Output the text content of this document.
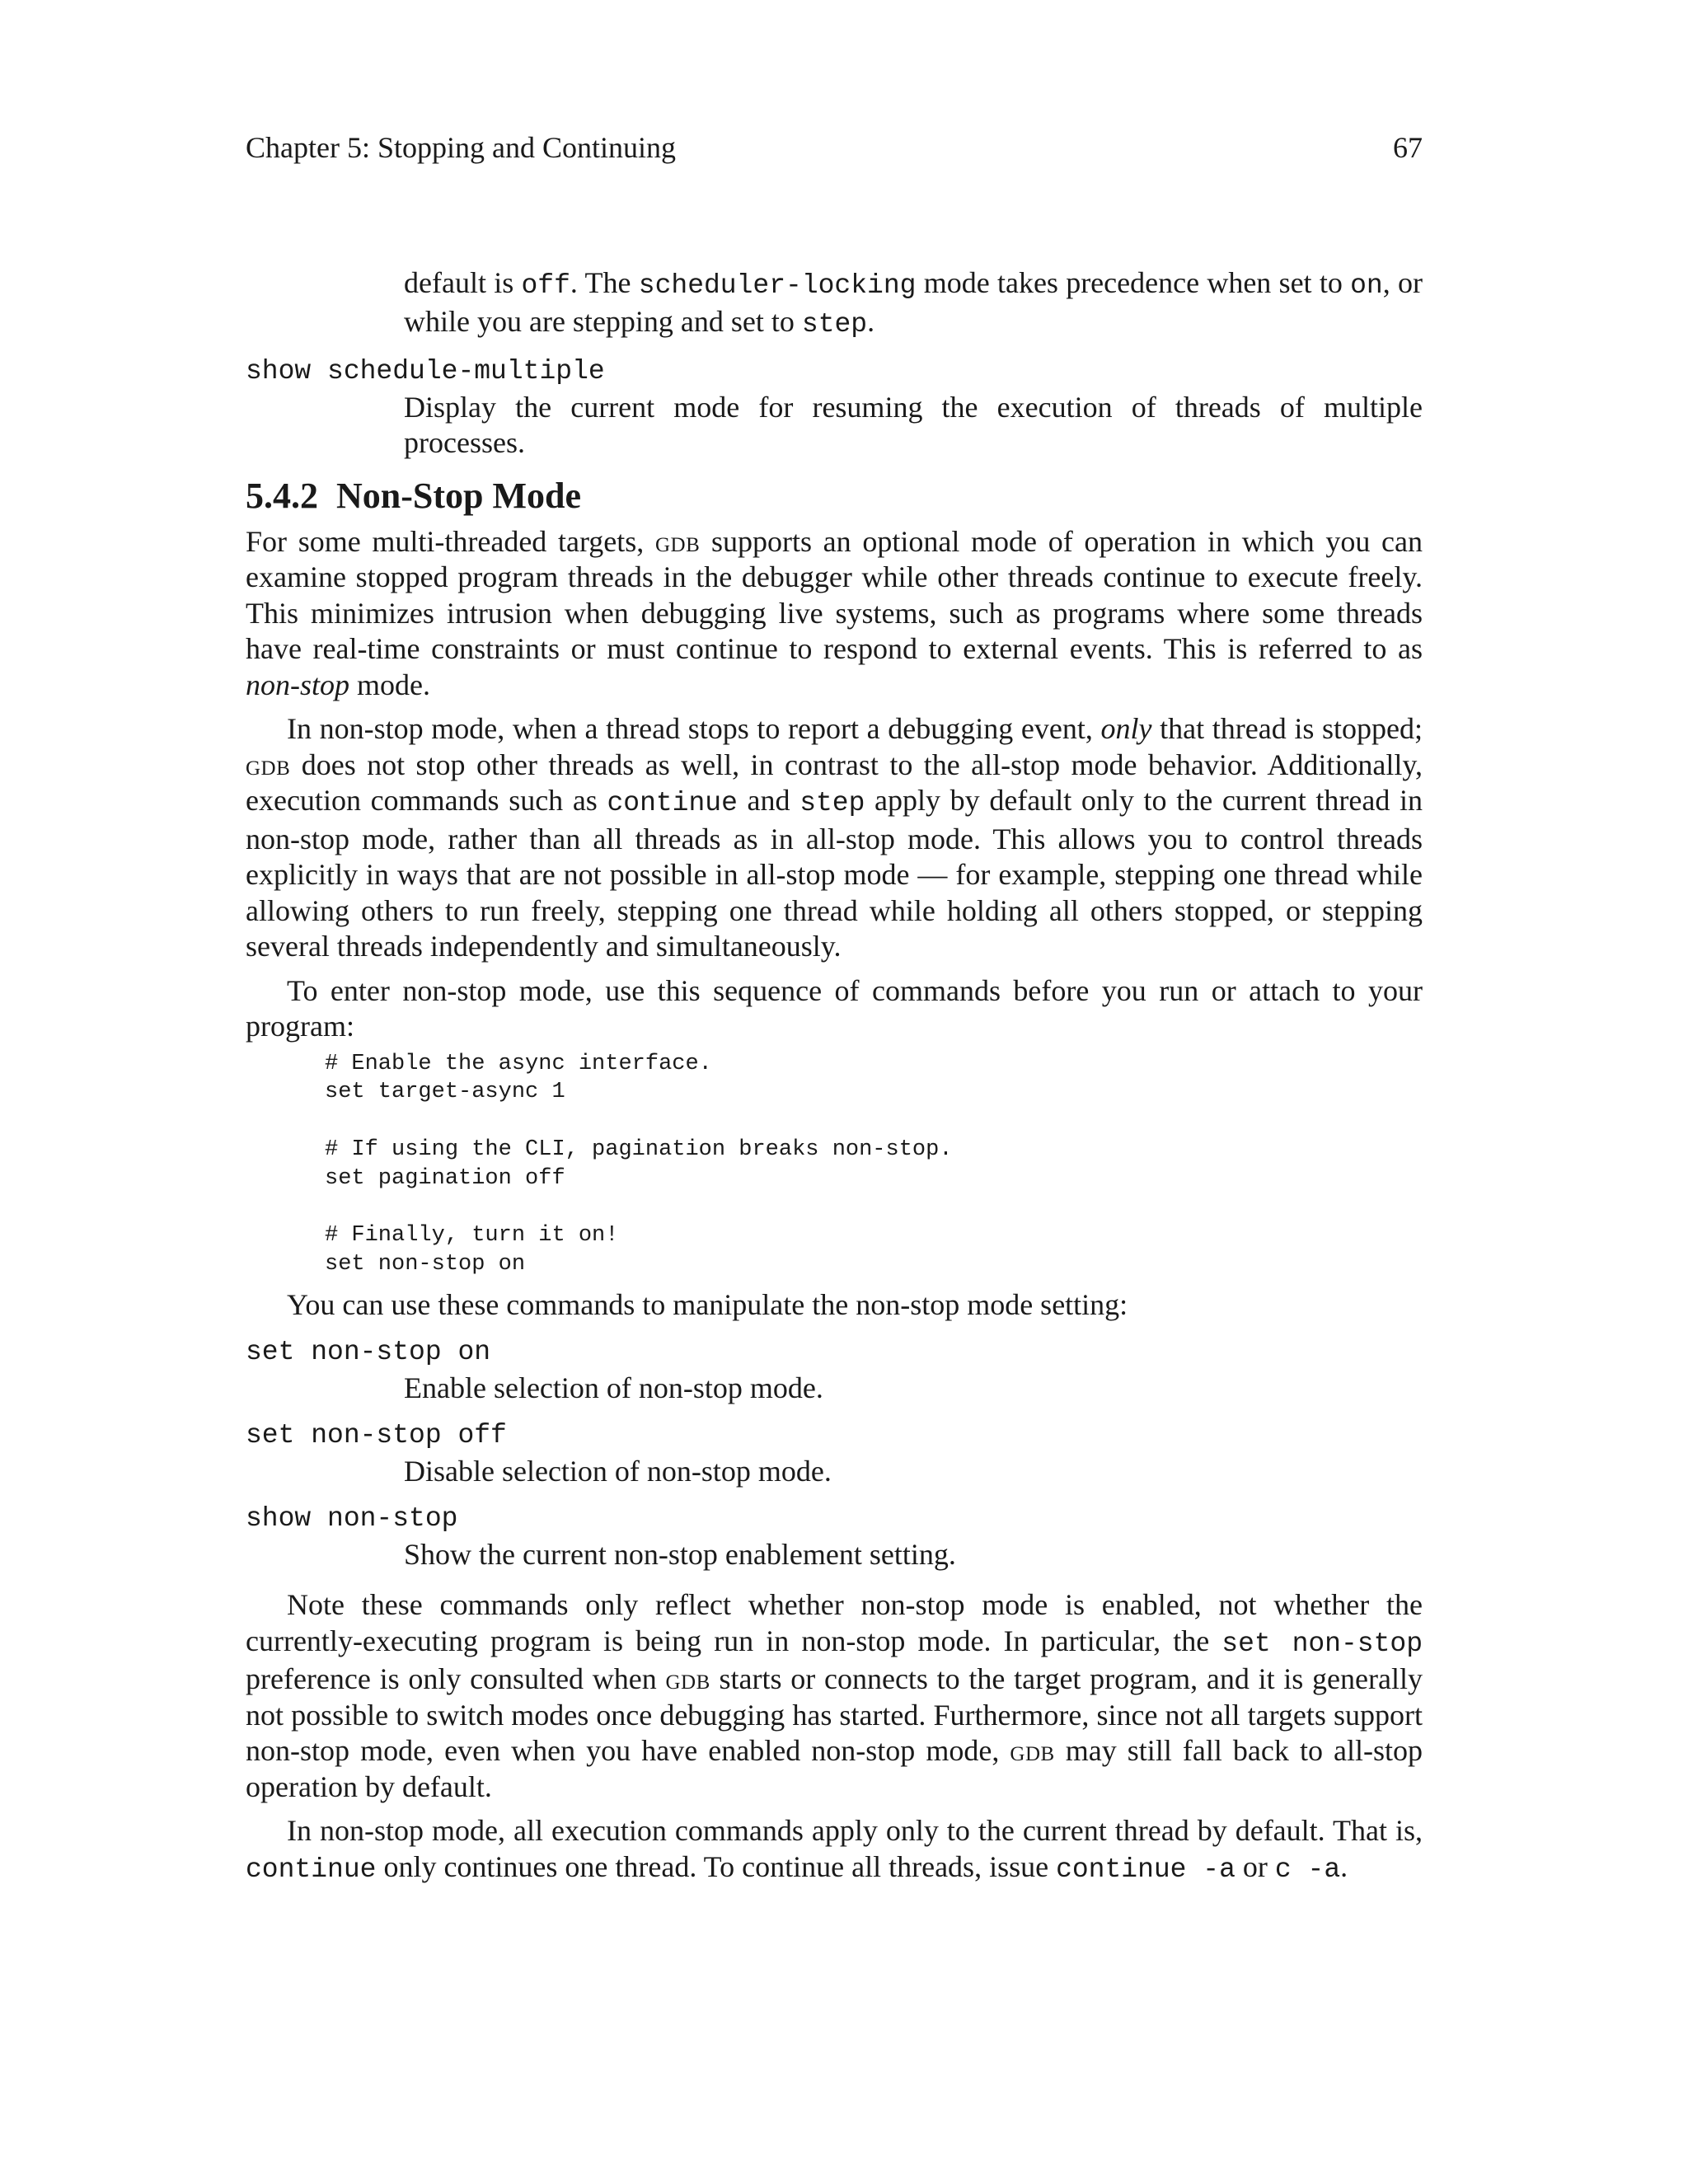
Chapter 5: Stopping and Continuing	67

default is off. The scheduler-locking mode takes precedence when set to on, or while you are stepping and set to step.

show schedule-multiple
Display the current mode for resuming the execution of threads of multiple processes.
5.4.2 Non-Stop Mode

For some multi-threaded targets, gdb supports an optional mode of operation in which you can examine stopped program threads in the debugger while other threads continue to execute freely. This minimizes intrusion when debugging live systems, such as programs where some threads have real-time constraints or must continue to respond to external events. This is referred to as non-stop mode.

In non-stop mode, when a thread stops to report a debugging event, only that thread is stopped; gdb does not stop other threads as well, in contrast to the all-stop mode behavior. Additionally, execution commands such as continue and step apply by default only to the current thread in non-stop mode, rather than all threads as in all-stop mode. This allows you to control threads explicitly in ways that are not possible in all-stop mode — for example, stepping one thread while allowing others to run freely, stepping one thread while holding all others stopped, or stepping several threads independently and simultaneously.

To enter non-stop mode, use this sequence of commands before you run or attach to your program:

# Enable the async interface.
set target-async 1

# If using the CLI, pagination breaks non-stop.
set pagination off

# Finally, turn it on!
set non-stop on

You can use these commands to manipulate the non-stop mode setting:

set non-stop on
Enable selection of non-stop mode.
set non-stop off
Disable selection of non-stop mode.
show non-stop
Show the current non-stop enablement setting.

Note these commands only reflect whether non-stop mode is enabled, not whether the currently-executing program is being run in non-stop mode. In particular, the set non-stop preference is only consulted when gdb starts or connects to the target program, and it is generally not possible to switch modes once debugging has started. Furthermore, since not all targets support non-stop mode, even when you have enabled non-stop mode, gdb may still fall back to all-stop operation by default.

In non-stop mode, all execution commands apply only to the current thread by default. That is, continue only continues one thread. To continue all threads, issue continue -a or c -a.
